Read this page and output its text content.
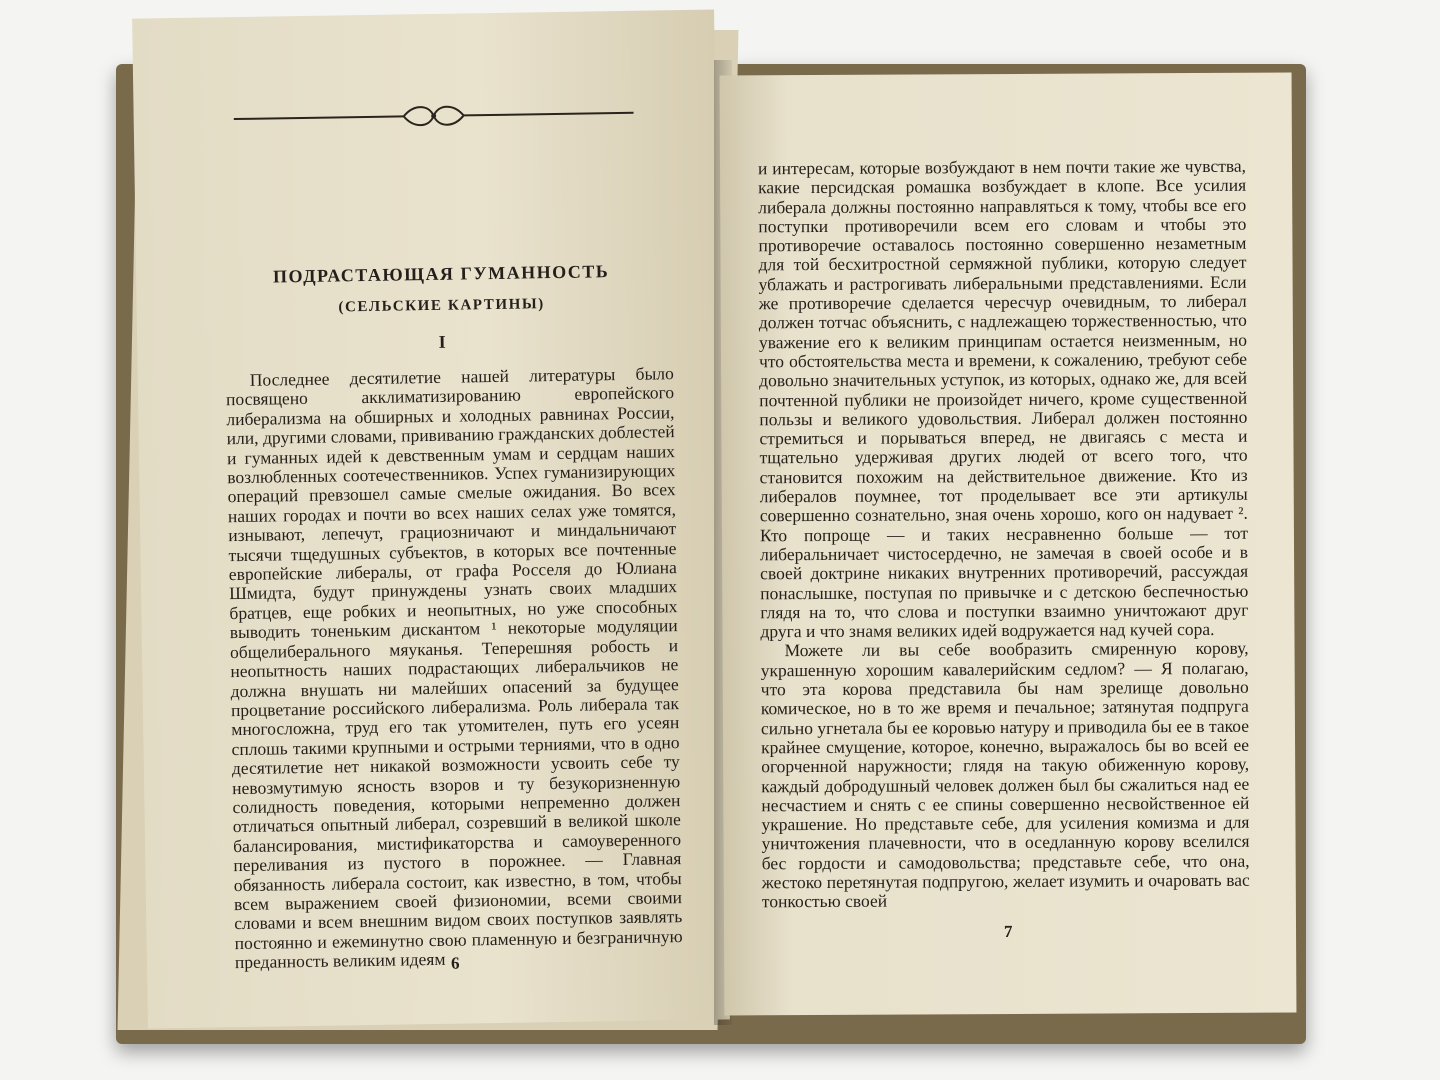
ПОДРАСТАЮЩАЯ ГУМАННОСТЬ
(СЕЛЬСКИЕ КАРТИНЫ)
I

Последнее десятилетие нашей литературы было посвящено акклиматизированию европейского либерализма на обширных и холодных равнинах России, или, другими словами, прививанию гражданских доблестей и гуманных идей к девственным умам и сердцам наших возлюбленных соотечественников. Успех гуманизирующих операций превзошел самые смелые ожидания. Во всех наших городах и почти во всех наших селах уже томятся, изнывают, лепечут, грациозничают и миндальничают тысячи тщедушных субъектов, в которых все почтенные европейские либералы, от графа Росселя до Юлиана Шмидта, будут принуждены узнать своих младших братцев, еще робких и неопытных, но уже способных выводить тоненьким дискантом ¹ некоторые модуляции общелиберального мяуканья. Теперешняя робость и неопытность наших подрастающих либеральчиков не должна внушать ни малейших опасений за будущее процветание российского либерализма. Роль либерала так многосложна, труд его так утомителен, путь его усеян сплошь такими крупными и острыми терниями, что в одно десятилетие нет никакой возможности усвоить себе ту невозмутимую ясность взоров и ту безукоризненную солидность поведения, которыми непременно должен отличаться опытный либерал, созревший в великой школе балансирования, мистификаторства и самоуверенного переливания из пустого в порожнее. — Главная обязанность либерала состоит, как известно, в том, чтобы всем выражением своей физиономии, всеми своими словами и всем внешним видом своих поступков заявлять постоянно и ежеминутно свою пламенную и безграничную преданность великим идеям 6

и интересам, которые возбуждают в нем почти такие же чувства, какие персидская ромашка возбуждает в клопе. Все усилия либерала должны постоянно направляться к тому, чтобы все его поступки противоречили всем его словам и чтобы это противоречие оставалось постоянно совершенно незаметным для той бесхитростной сермяжной публики, которую следует ублажать и растрогивать либеральными представлениями. Если же противоречие сделается чересчур очевидным, то либерал должен тотчас объяснить, с надлежащею торжественностью, что уважение его к великим принципам остается неизменным, но что обстоятельства места и времени, к сожалению, требуют себе довольно значительных уступок, из которых, однако же, для всей почтенной публики не произойдет ничего, кроме существенной пользы и великого удовольствия. Либерал должен постоянно стремиться и порываться вперед, не двигаясь с места и тщательно удерживая других людей от всего того, что становится похожим на действительное движение. Кто из либералов поумнее, тот проделывает все эти артикулы совершенно сознательно, зная очень хорошо, кого он надувает ². Кто попроще — и таких несравненно больше — тот либеральничает чистосердечно, не замечая в своей особе и в своей доктрине никаких внутренних противоречий, рассуждая понаслышке, поступая по привычке и с детскою беспечностью глядя на то, что слова и поступки взаимно уничтожают друг друга и что знамя великих идей водружается над кучей сора.

Можете ли вы себе вообразить смиренную корову, украшенную хорошим кавалерийским седлом? — Я полагаю, что эта корова представила бы нам зрелище довольно комическое, но в то же время и печальное; затянутая подпруга сильно угнетала бы ее коровью натуру и приводила бы ее в такое крайнее смущение, которое, конечно, выражалось бы во всей ее огорченной наружности; глядя на такую обиженную корову, каждый добродушный человек должен был бы сжалиться над ее несчастием и снять с ее спины совершенно несвойственное ей украшение. Но представьте себе, для усиления комизма и для уничтожения плачевности, что в оседланную корову вселился бес гордости и самодовольства; представьте себе, что она, жестоко перетянутая подпругою, желает изумить и очаровать вас тонкостью своей

7
